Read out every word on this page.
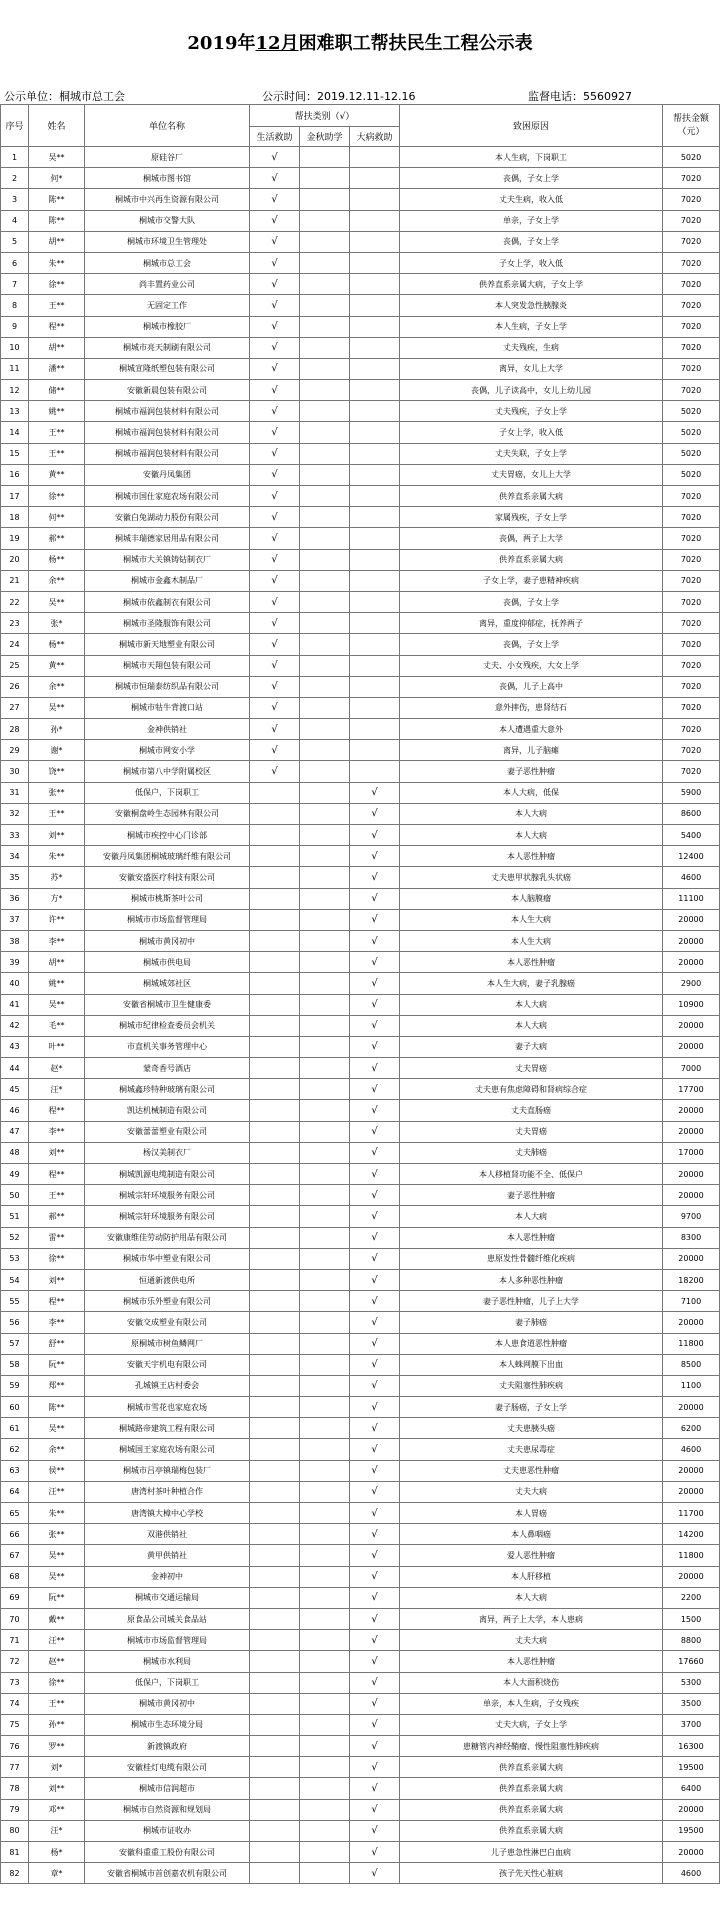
2019年 12月 困难职工帮扶民生工程公示表
公示单位：桐城市总工会	公示时间：2019.12.11-12.16	监督电话：5560927
序号	姓名	单位名称	帮扶类别（√）			致困原因	帮扶金额（元）
			生活救助	金秋助学	大病救助		
1	吴**	原硅谷厂	√			本人生病，下岗职工	5020
2	何*	桐城市图书馆	√			丧偶，子女上学	7020
3	陈**	桐城市中兴再生资源有限公司	√			丈夫生病，收入低	7020
4	陈**	桐城市交警大队	√			单亲，子女上学	7020
5	胡**	桐城市环境卫生管理处	√			丧偶，子女上学	7020
6	朱**	桐城市总工会	√			子女上学，收入低	7020
7	徐**	尚丰置药业公司	√			供养直系亲属大病，子女上学	7020
8	王**	无固定工作	√			本人突发急性胰腺炎	7020
9	程**	桐城市橡胶厂	√			本人生病，子女上学	7020
10	胡**	桐城市亮天制刷有限公司	√			丈夫残疾，生病	7020
11	潘**	桐城宣隆纸塑包装有限公司	√			离异，女儿上大学	7020
12	储**	安徽新晨包装有限公司	√			丧偶，儿子读高中，女儿上幼儿园	7020
13	姚**	桐城市福润包装材料有限公司	√			丈夫残疾，子女上学	5020
14	王**	桐城市福润包装材料有限公司	√			子女上学，收入低	5020
15	王**	桐城市福润包装材料有限公司	√			丈夫失联，子女上学	5020
16	黄**	安徽丹凤集团	√			丈夫胃癌，女儿上大学	5020
17	徐**	桐城市国仕家庭农场有限公司	√			供养直系亲属大病	7020
18	何**	安徽白兔湖动力股份有限公司	√			家属残疾，子女上学	7020
19	郝**	桐城丰瑞德家居用品有限公司	√			丧偶，两子上大学	7020
20	杨**	桐城市大关镇铸钻制衣厂	√			供养直系亲属大病	7020
21	余**	桐城市金鑫木制品厂	√			子女上学，妻子患精神疾病	7020
22	吴**	桐城市依鑫制衣有限公司	√			丧偶，子女上学	7020
23	张*	桐城市圣隆服饰有限公司	√			离异，重度抑郁症，抚养两子	7020
24	杨**	桐城市新天地塑业有限公司	√			丧偶，子女上学	7020
25	黄**	桐城市天翔包装有限公司	√			丈夫、小女残疾，大女上学	7020
26	余**	桐城市恒瑞泰纺织品有限公司	√			丧偶，儿子上高中	7020
27	吴**	桐城市牯牛背渡口站	√			意外摔伤，患肾结石	7020
28	孙*	金神供销社	√			本人遭遇重大意外	7020
29	谢*	桐城市网安小学	√			离异，儿子脑瘫	7020
30	饶**	桐城市第八中学附属校区	√			妻子恶性肿瘤	7020
31	张**	低保户，下岗职工			√	本人大病，低保	5900
32	王**	安徽桐盘岭生态园林有限公司			√	本人大病	8600
33	刘**	桐城市疾控中心门诊部			√	本人大病	5400
34	朱**	安徽丹凤集团桐城玻璃纤维有限公司			√	本人恶性肿瘤	12400
35	苏*	安徽安盛医疗科技有限公司			√	丈夫患甲状腺乳头状癌	4600
36	方*	桐城市桃斯茶叶公司			√	本人脑膜瘤	11100
37	许**	桐城市市场监督管理局			√	本人生大病	20000
38	李**	桐城市黄冈初中			√	本人生大病	20000
39	胡**	桐城市供电局			√	本人恶性肿瘤	20000
40	姚**	桐城城郊社区			√	本人生大病，妻子乳腺癌	2900
41	吴**	安徽省桐城市卫生健康委			√	本人大病	10900
42	毛**	桐城市纪律检查委员会机关			√	本人大病	20000
43	叶**	市直机关事务管理中心			√	妻子大病	20000
44	赵*	蒙奇香号酒店			√	丈夫胃癌	7000
45	汪*	桐城鑫珍特种玻璃有限公司			√	丈夫患有焦虑障碍和肾病综合症	17700
46	程**	凯达机械制造有限公司			√	丈夫直肠癌	20000
47	李**	安徽蕾蕾塑业有限公司			√	丈夫胃癌	20000
48	刘**	杨汉美制衣厂			√	丈夫肺癌	17000
49	程**	桐城凯源电缆制造有限公司			√	本人移植肾功能不全、低保户	20000
50	王**	桐城宗轩环境服务有限公司			√	妻子恶性肿瘤	20000
51	郝**	桐城宗轩环境服务有限公司			√	本人大病	9700
52	雷**	安徽康维佳劳动防护用品有限公司			√	本人恶性肿瘤	8300
53	徐**	桐城市华中塑业有限公司			√	患原发性骨髓纤维化疾病	20000
54	刘**	恒通新渡供电所			√	本人多种恶性肿瘤	18200
55	程**	桐城市乐外塑业有限公司			√	妻子恶性肿瘤，儿子上大学	7100
56	李**	安徽交成塑业有限公司			√	妻子肺癌	20000
57	舒**	原桐城市树鱼鳞网厂			√	本人患食道恶性肿瘤	11800
58	阮**	安徽天宇机电有限公司			√	本人蛛网膜下出血	8500
59	郑**	孔城镇王店村委会			√	丈夫阻塞性肺疾病	1100
60	陈**	桐城市雪花也家庭农场			√	妻子肠癌，子女上学	20000
61	吴**	桐城路帝建筑工程有限公司			√	丈夫患胰头癌	6200
62	余**	桐城国王家庭农场有限公司			√	丈夫患尿毒症	4600
63	侯**	桐城市吕亭镇瑞梅包装厂			√	丈夫患恶性肿瘤	20000
64	汪**	唐湾村茶叶种植合作			√	丈夫大病	20000
65	朱**	唐湾镇大樟中心学校			√	本人胃癌	11700
66	张**	双港供销社			√	本人鼻咽癌	14200
67	吴**	黄甲供销社			√	爱人恶性肿瘤	11800
68	吴**	金神初中			√	本人肝移植	20000
69	阮**	桐城市交通运输局			√	本人大病	2200
70	戴**	原食品公司城关食品站			√	离异，两子上大学，本人患病	1500
71	汪**	桐城市市场监督管理局			√	丈夫大病	8800
72	赵**	桐城市水利局			√	本人恶性肿瘤	17660
73	徐**	低保户，下岗职工			√	本人大面积烧伤	5300
74	王**	桐城市黄冈初中			√	单亲，本人生病，子女残疾	3500
75	孙**	桐城市生态环境分局			√	丈夫大病，子女上学	3700
76	罗**	新渡镇政府			√	患糖管内神经鞘瘤、慢性阻塞性肺疾病	16300
77	刘*	安徽桂灯电缆有限公司			√	供养直系亲属大病	19500
78	刘**	桐城市信润超市			√	供养直系亲属大病	6400
79	邓**	桐城市自然资源和规划局			√	供养直系亲属大病	20000
80	汪*	桐城市证收办			√	供养直系亲属大病	19500
81	杨*	安徽科重重工股份有限公司			√	儿子患急性淋巴白血病	20000
82	章*	安徽省桐城市首创嘉农机有限公司			√	孩子先天性心脏病	4600
